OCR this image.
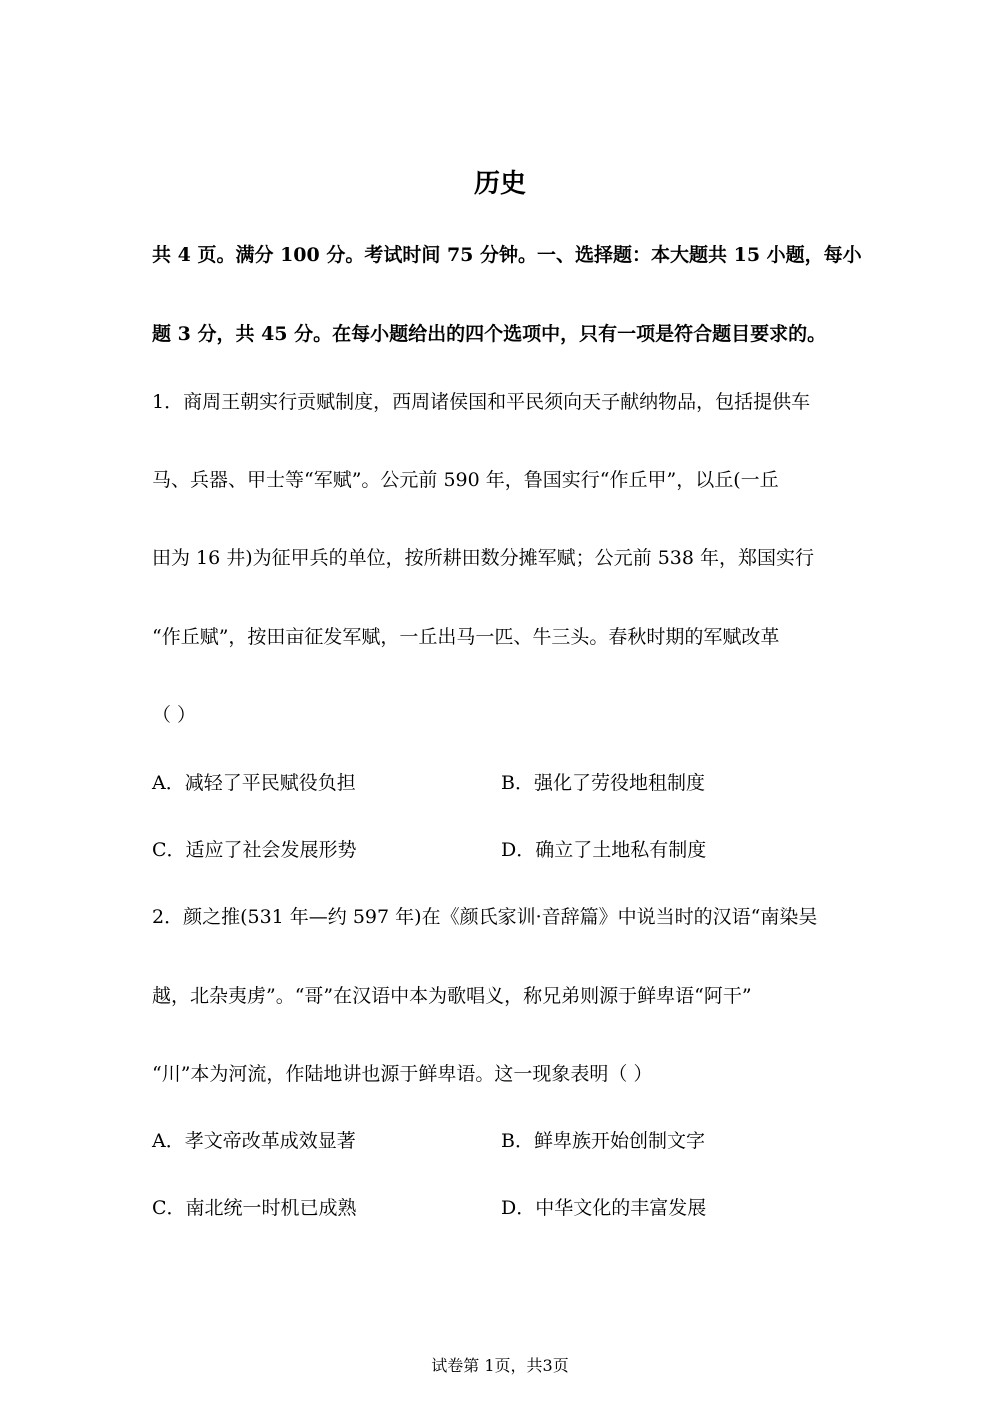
历史
共 4 页。满分 100 分。考试时间 75 分钟。一、选择题：本大题共 15 小题，每小
题 3 分，共 45 分。在每小题给出的四个选项中，只有一项是符合题目要求的。
1．商周王朝实行贡赋制度，西周诸侯国和平民须向天子献纳物品，包括提供车
马、兵器、甲士等“军赋”。公元前 590 年，鲁国实行“作丘甲”，以丘(一丘
田为 16 井)为征甲兵的单位，按所耕田数分摊军赋；公元前 538 年，郑国实行
“作丘赋”，按田亩征发军赋，一丘出马一匹、牛三头。春秋时期的军赋改革
（ ）
A．减轻了平民赋役负担	B．强化了劳役地租制度
C．适应了社会发展形势	D．确立了土地私有制度
2．颜之推(531 年—约 597 年)在《颜氏家训·音辞篇》中说当时的汉语“南染吴
越，北杂夷虏”。“哥”在汉语中本为歌唱义，称兄弟则源于鲜卑语“阿干”
“川”本为河流，作陆地讲也源于鲜卑语。这一现象表明（ ）
A．孝文帝改革成效显著	B．鲜卑族开始创制文字
C．南北统一时机已成熟	D．中华文化的丰富发展
试卷第 1页，共3页
